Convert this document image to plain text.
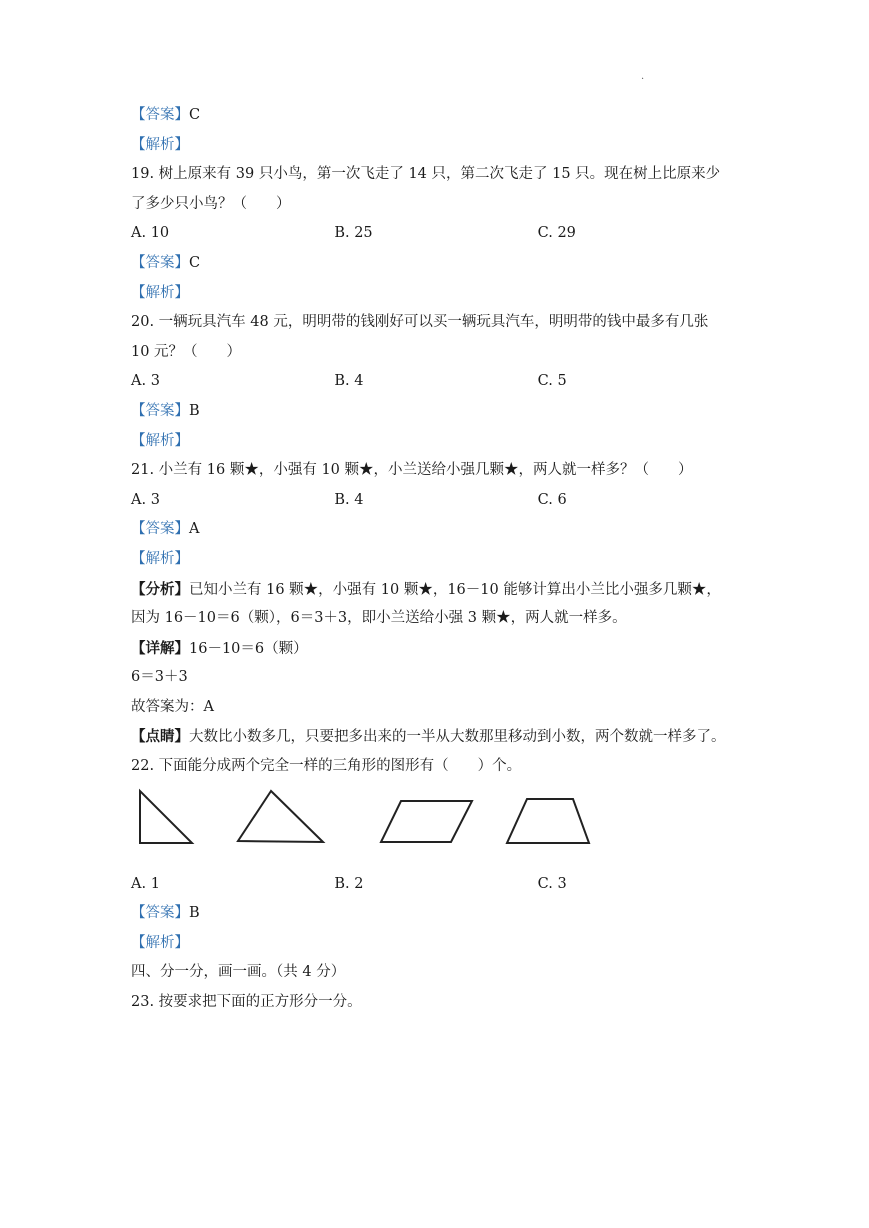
·
【答案】C
【解析】
19. 树上原来有 39 只小鸟，第一次飞走了 14 只，第二次飞走了 15 只。现在树上比原来少
了多少只小鸟？（　　）
A. 10	B. 25	C. 29
【答案】C
【解析】
20. 一辆玩具汽车 48 元，明明带的钱刚好可以买一辆玩具汽车，明明带的钱中最多有几张
10 元？（　　）
A. 3	B. 4	C. 5
【答案】B
【解析】
21. 小兰有 16 颗★，小强有 10 颗★，小兰送给小强几颗★，两人就一样多？（　　）
A. 3	B. 4	C. 6
【答案】A
【解析】
【分析】已知小兰有 16 颗★，小强有 10 颗★，16－10 能够计算出小兰比小强多几颗★，
因为 16－10＝6（颗），6＝3＋3，即小兰送给小强 3 颗★，两人就一样多。
【详解】16－10＝6（颗）
6＝3＋3
故答案为：A
【点睛】大数比小数多几，只要把多出来的一半从大数那里移动到小数，两个数就一样多了。
22. 下面能分成两个完全一样的三角形的图形有（　　）个。
A. 1	B. 2	C. 3
【答案】B
【解析】
四、分一分，画一画。（共 4 分）
23. 按要求把下面的正方形分一分。
